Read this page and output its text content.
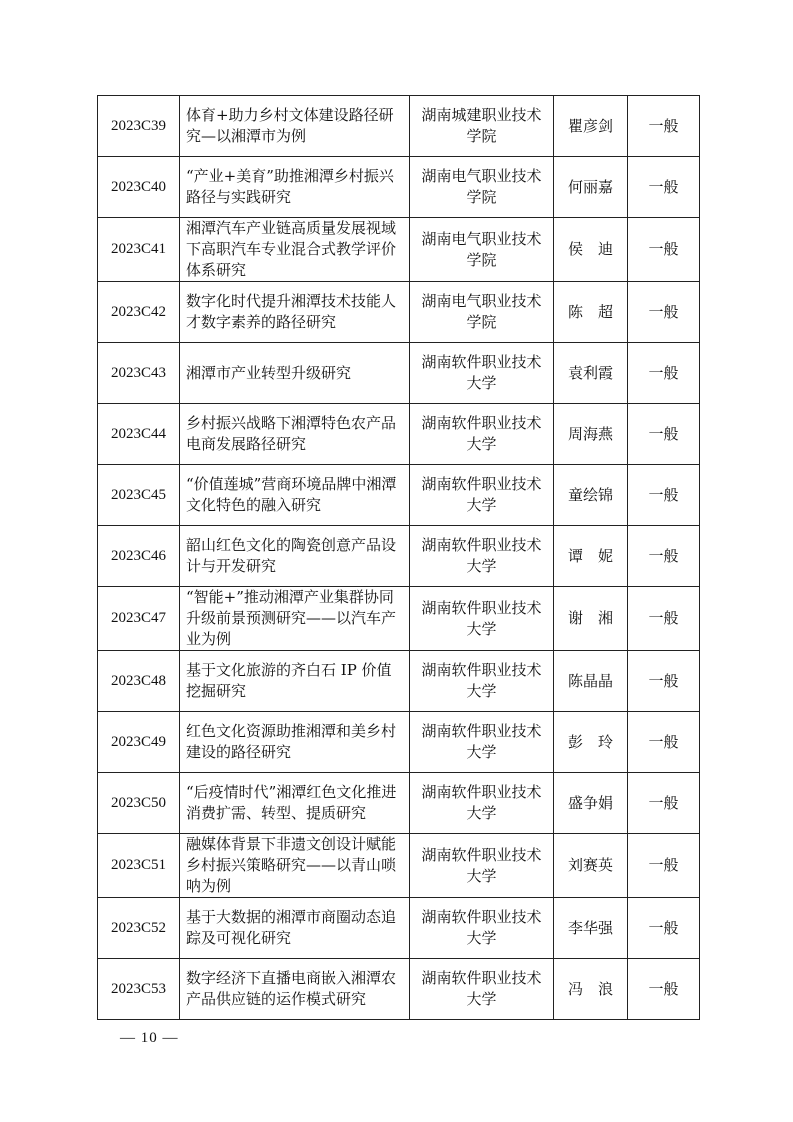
2023C39	体育+助力乡村文体建设路径研究—以湘潭市为例	湖南城建职业技术学院	瞿彦剑	一般
2023C40	“产业+美育”助推湘潭乡村振兴路径与实践研究	湖南电气职业技术学院	何丽嘉	一般
2023C41	湘潭汽车产业链高质量发展视域下高职汽车专业混合式教学评价体系研究	湖南电气职业技术学院	侯　迪	一般
2023C42	数字化时代提升湘潭技术技能人才数字素养的路径研究	湖南电气职业技术学院	陈　超	一般
2023C43	湘潭市产业转型升级研究	湖南软件职业技术大学	袁利霞	一般
2023C44	乡村振兴战略下湘潭特色农产品电商发展路径研究	湖南软件职业技术大学	周海燕	一般
2023C45	“价值莲城”营商环境品牌中湘潭文化特色的融入研究	湖南软件职业技术大学	童绘锦	一般
2023C46	韶山红色文化的陶瓷创意产品设计与开发研究	湖南软件职业技术大学	谭　妮	一般
2023C47	“智能+”推动湘潭产业集群协同升级前景预测研究——以汽车产业为例	湖南软件职业技术大学	谢　湘	一般
2023C48	基于文化旅游的齐白石 IP 价值挖掘研究	湖南软件职业技术大学	陈晶晶	一般
2023C49	红色文化资源助推湘潭和美乡村建设的路径研究	湖南软件职业技术大学	彭　玲	一般
2023C50	“后疫情时代”湘潭红色文化推进消费扩需、转型、提质研究	湖南软件职业技术大学	盛争娟	一般
2023C51	融媒体背景下非遗文创设计赋能乡村振兴策略研究——以青山唢呐为例	湖南软件职业技术大学	刘赛英	一般
2023C52	基于大数据的湘潭市商圈动态追踪及可视化研究	湖南软件职业技术大学	李华强	一般
2023C53	数字经济下直播电商嵌入湘潭农产品供应链的运作模式研究	湖南软件职业技术大学	冯　浪	一般
— 10 —
